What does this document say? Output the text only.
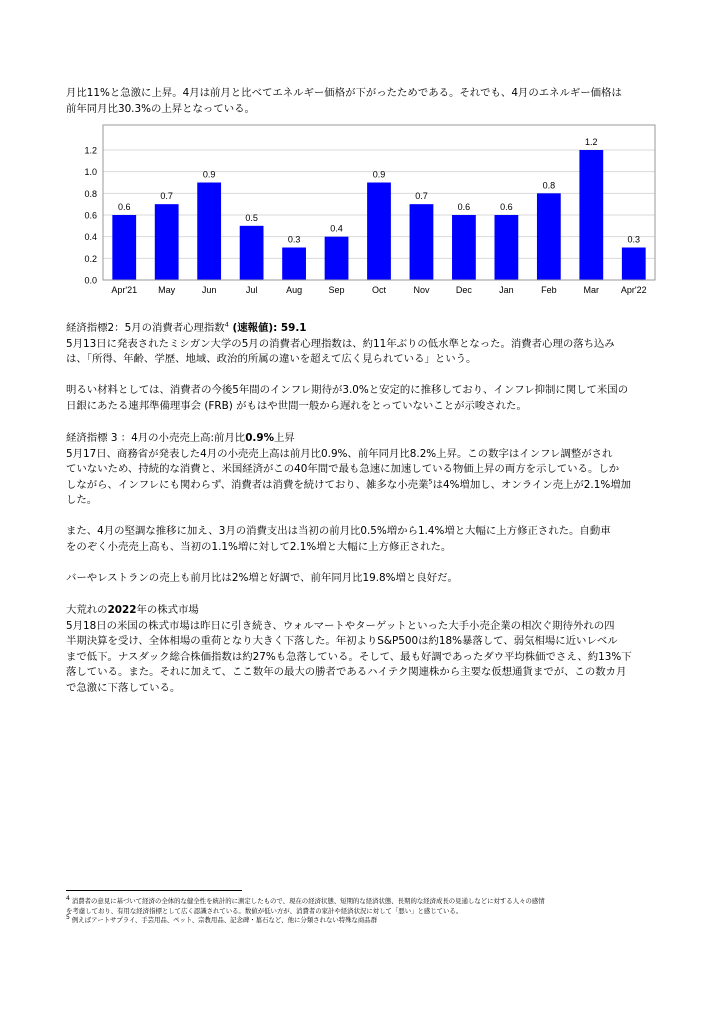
月比11%と急激に上昇。4月は前月と比べてエネルギー価格が下がったためである。それでも、4月のエネルギー価格は
前年同月比30.3%の上昇となっている。

0.6
0.7
0.9
0.5
0.3
0.4
0.9
0.7
0.6	0.6
0.8
1.2
0.3
0.0
0.2
0.4
0.6
0.8
1.0
1.2
Apr'21 May	Jun	Jul	Aug	Sep	Oct	Nov	Dec	Jan	Feb	Mar Apr'22

経済指標2：5月の消費者心理指数$^4$ (速報値): 59.1
5月13日に発表されたミシガン大学の5月の消費者心理指数は、約11年ぶりの低水準となった。消費者心理の落ち込み
は、「所得、年齢、学歴、地域、政治的所属の違いを超えて広く見られている」という。

明るい材料としては、消費者の今後5年間のインフレ期待が3.0%と安定的に推移しており、インフレ抑制に関して米国の
日銀にあたる連邦準備理事会 (FRB) がもはや世間一般から遅れをとっていないことが示唆された。

経済指標 3 ：4月の小売売上高:前月比0.9%上昇
5月17日、商務省が発表した4月の小売売上高は前月比0.9%、前年同月比8.2%上昇。この数字はインフレ調整がされ
ていないため、持続的な消費と、米国経済がこの40年間で最も急速に加速している物価上昇の両方を示している。しか
しながら、インフレにも関わらず、消費者は消費を続けており、雑多な小売業$^5$は4%増加し、オンライン売上が2.1%増加
した。

また、4月の堅調な推移に加え、3月の消費支出は当初の前月比0.5%増から1.4%増と大幅に上方修正された。自動車
をのぞく小売売上高も、当初の1.1%増に対して2.1%増と大幅に上方修正された。

バーやレストランの売上も前月比は2%増と好調で、前年同月比19.8%増と良好だ。

大荒れの2022年の株式市場
5月18日の米国の株式市場は昨日に引き続き、ウォルマートやターゲットといった大手小売企業の相次ぐ期待外れの四
半期決算を受け、全体相場の重荷となり大きく下落した。年初よりS&P500は約18%暴落して、弱気相場に近いレベル
まで低下。ナスダック総合株価指数は約27%も急落している。そして、最も好調であったダウ平均株価でさえ、約13%下
落している。また。それに加えて、ここ数年の最大の勝者であるハイテク関連株から主要な仮想通貨までが、この数カ月
で急激に下落している。

$^4$ 消費者の意見に基づいて経済の全体的な健全性を統計的に測定したもので、現在の経済状態、短期的な経済状態、長期的な経済成長の見通しなどに対する人々の感情
を考慮しており、有用な経済指標として広く認識されている。数値が低い方が、消費者の家計や経済状況に対して「悪い」と感じている。
$^5$ 例えばアートサプライ、手芸用品、ペット、宗教用品、記念碑・墓石など、他に分類されない特殊な商品群
